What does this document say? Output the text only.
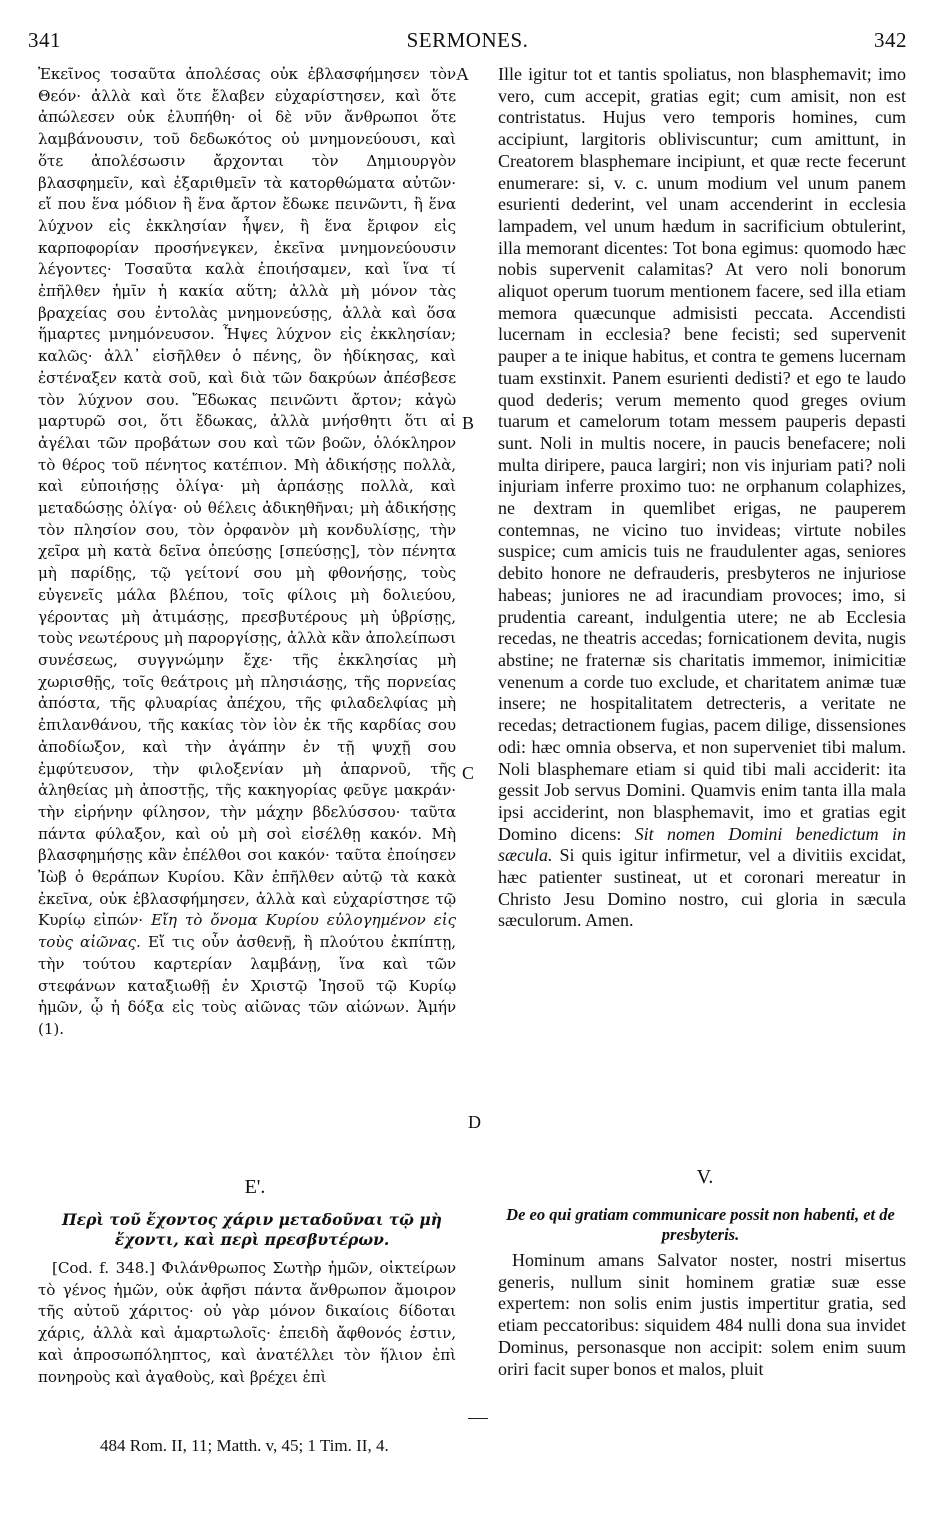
341	SERMONES.	342

Ἐκεῖνος τοσαῦτα ἀπολέσας οὐκ ἐβλασφήμησεν τὸν Θεόν· ἀλλὰ καὶ ὅτε ἔλαβεν εὐχαρίστησεν, καὶ ὅτε ἀπώλεσεν οὐκ ἐλυπήθη· οἱ δὲ νῦν ἄνθρωποι ὅτε λαμβάνουσιν, τοῦ δεδωκότος οὐ μνημονεύουσι, καὶ ὅτε ἀπολέσωσιν ἄρχονται τὸν Δημιουργὸν βλασφημεῖν, καὶ ἐξαριθμεῖν τὰ κατορθώματα αὐτῶν· εἴ που ἕνα μόδιον ἢ ἕνα ἄρτον ἔδωκε πεινῶντι, ἢ ἕνα λύχνον εἰς ἐκκλησίαν ἧψεν, ἢ ἕνα ἔριφον εἰς καρποφορίαν προσήνεγκεν, ἐκεῖνα μνημονεύουσιν λέγοντες· Τοσαῦτα καλὰ ἐποιήσαμεν, καὶ ἵνα τί ἐπῆλθεν ἡμῖν ἡ κακία αὕτη; ἀλλὰ μὴ μόνον τὰς βραχείας σου ἐντολὰς μνημονεύσῃς, ἀλλὰ καὶ ὅσα ἥμαρτες μνημόνευσον. Ἧψες λύχνον εἰς ἐκκλησίαν; καλῶς· ἀλλ᾽ εἰσῆλθεν ὁ πένης, ὃν ἠδίκησας, καὶ ἐστέναξεν κατὰ σοῦ, καὶ διὰ τῶν δακρύων ἀπέσβεσε τὸν λύχνον σου. Ἔδωκας πεινῶντι ἄρτον; κἀγὼ μαρτυρῶ σοι, ὅτι ἔδωκας, ἀλλὰ μνήσθητι ὅτι αἱ ἀγέλαι τῶν προβάτων σου καὶ τῶν βοῶν, ὁλόκληρον τὸ θέρος τοῦ πένητος κατέπιον. Μὴ ἀδικήσῃς πολλὰ, καὶ εὐποιήσῃς ὀλίγα· μὴ ἁρπάσῃς πολλὰ, καὶ μεταδώσῃς ὀλίγα· οὐ θέλεις ἀδικηθῆναι; μὴ ἀδικήσῃς τὸν πλησίον σου, τὸν ὀρφανὸν μὴ κονδυλίσῃς, τὴν χεῖρα μὴ κατὰ δεῖνα ὀπεύσῃς [σπεύσῃς], τὸν πένητα μὴ παρίδῃς, τῷ γείτονί σου μὴ φθονήσῃς, τοὺς εὐγενεῖς μάλα βλέπου, τοῖς φίλοις μὴ δολιεύου, γέροντας μὴ ἀτιμάσῃς, πρεσβυτέρους μὴ ὑβρίσῃς, τοὺς νεωτέρους μὴ παροργίσῃς, ἀλλὰ κἂν ἀπολείπωσι συνέσεως, συγγνώμην ἔχε· τῆς ἐκκλησίας μὴ χωρισθῇς, τοῖς θεάτροις μὴ πλησιάσῃς, τῆς πορνείας ἀπόστα, τῆς φλυαρίας ἀπέχου, τῆς φιλαδελφίας μὴ ἐπιλανθάνου, τῆς κακίας τὸν ἰὸν ἐκ τῆς καρδίας σου ἀποδίωξον, καὶ τὴν ἀγάπην ἐν τῇ ψυχῇ σου ἐμφύτευσον, τὴν φιλοξενίαν μὴ ἀπαρνοῦ, τῆς ἀληθείας μὴ ἀποστῇς, τῆς κακηγορίας φεῦγε μακράν· τὴν εἰρήνην φίλησον, τὴν μάχην βδελύσσου· ταῦτα πάντα φύλαξον, καὶ οὐ μὴ σοὶ εἰσέλθῃ κακόν. Μὴ βλασφημήσῃς κἂν ἐπέλθοι σοι κακόν· ταῦτα ἐποίησεν Ἰὼβ ὁ θεράπων Κυρίου. Κἂν ἐπῆλθεν αὐτῷ τὰ κακὰ ἐκεῖνα, οὐκ ἐβλασφήμησεν, ἀλλὰ καὶ εὐχαρίστησε τῷ Κυρίῳ εἰπών· Εἴη τὸ ὄνομα Κυρίου εὐλογημένον εἰς τοὺς αἰῶνας. Εἴ τις οὖν ἀσθενῇ, ἢ πλούτου ἐκπίπτῃ, τὴν τούτου καρτερίαν λαμβάνῃ, ἵνα καὶ τῶν στεφάνων καταξιωθῇ ἐν Χριστῷ Ἰησοῦ τῷ Κυρίῳ ἡμῶν, ᾧ ἡ δόξα εἰς τοὺς αἰῶνας τῶν αἰώνων. Ἀμήν (1).

Ille igitur tot et tantis spoliatus, non blasphemavit; imo vero, cum accepit, gratias egit; cum amisit, non est contristatus. Hujus vero temporis homines, cum accipiunt, largitoris obliviscuntur; cum amittunt, in Creatorem blasphemare incipiunt, et quæ recte fecerunt enumerare: si, v. c. unum modium vel unum panem esurienti dederint, vel unam accenderint in ecclesia lampadem, vel unum hædum in sacrificium obtulerint, illa memorant dicentes: Tot bona egimus: quomodo hæc nobis supervenit calamitas? At vero noli bonorum aliquot operum tuorum mentionem facere, sed illa etiam memora quæcunque admisisti peccata. Accendisti lucernam in ecclesia? bene fecisti; sed supervenit pauper a te inique habitus, et contra te gemens lucernam tuam exstinxit. Panem esurienti dedisti? et ego te laudo quod dederis; verum memento quod greges ovium tuarum et camelorum totam messem pauperis depasti sunt. Noli in multis nocere, in paucis benefacere; noli multa diripere, pauca largiri; non vis injuriam pati? noli injuriam inferre proximo tuo: ne orphanum colaphizes, ne dextram in quemlibet erigas, ne pauperem contemnas, ne vicino tuo invideas; virtute nobiles suspice; cum amicis tuis ne fraudulenter agas, seniores debito honore ne defrauderis, presbyteros ne injuriose habeas; juniores ne ad iracundiam provoces; imo, si prudentia careant, indulgentia utere; ne ab Ecclesia recedas, ne theatris accedas; fornicationem devita, nugis abstine; ne fraternæ sis charitatis immemor, inimicitiæ venenum a corde tuo exclude, et charitatem animæ tuæ insere; ne hospitalitatem detrecteris, a veritate ne recedas; detractionem fugias, pacem dilige, dissensiones odi: hæc omnia observa, et non superveniet tibi malum. Noli blasphemare etiam si quid tibi mali acciderit: ita gessit Job servus Domini. Quamvis enim tanta illa mala ipsi acciderint, non blasphemavit, imo et gratias egit Domino dicens: Sit nomen Domini benedictum in sæcula. Si quis igitur infirmetur, vel a divitiis excidat, hæc patienter sustineat, ut et coronari mereatur in Christo Jesu Domino nostro, cui gloria in sæcula sæculorum. Amen.

A
B
C
D
Ε'.	V.
Περὶ τοῦ ἔχοντος χάριν μεταδοῦναι τῷ μὴ ἔχοντι, καὶ περὶ πρεσβυτέρων.
De eo qui gratiam communicare possit non habenti, et de presbyteris.

[Cod. f. 348.] Φιλάνθρωπος Σωτὴρ ἡμῶν, οἰκτείρων τὸ γένος ἡμῶν, οὐκ ἀφῆσι πάντα ἄνθρωπον ἄμοιρον τῆς αὐτοῦ χάριτος· οὐ γὰρ μόνον δικαίοις δίδοται χάρις, ἀλλὰ καὶ ἁμαρτωλοῖς· ἐπειδὴ ἄφθονός ἐστιν, καὶ ἀπροσωπόληπτος, καὶ ἀνατέλλει τὸν ἥλιον ἐπὶ πονηροὺς καὶ ἀγαθοὺς, καὶ βρέχει ἐπὶ

Hominum amans Salvator noster, nostri misertus generis, nullum sinit hominem gratiæ suæ esse expertem: non solis enim justis impertitur gratia, sed etiam peccatoribus: siquidem 484 nulli dona sua invidet Dominus, personasque non accipit: solem enim suum oriri facit super bonos et malos, pluit

484 Rom. II, 11; Matth. v, 45; 1 Tim. II, 4.
